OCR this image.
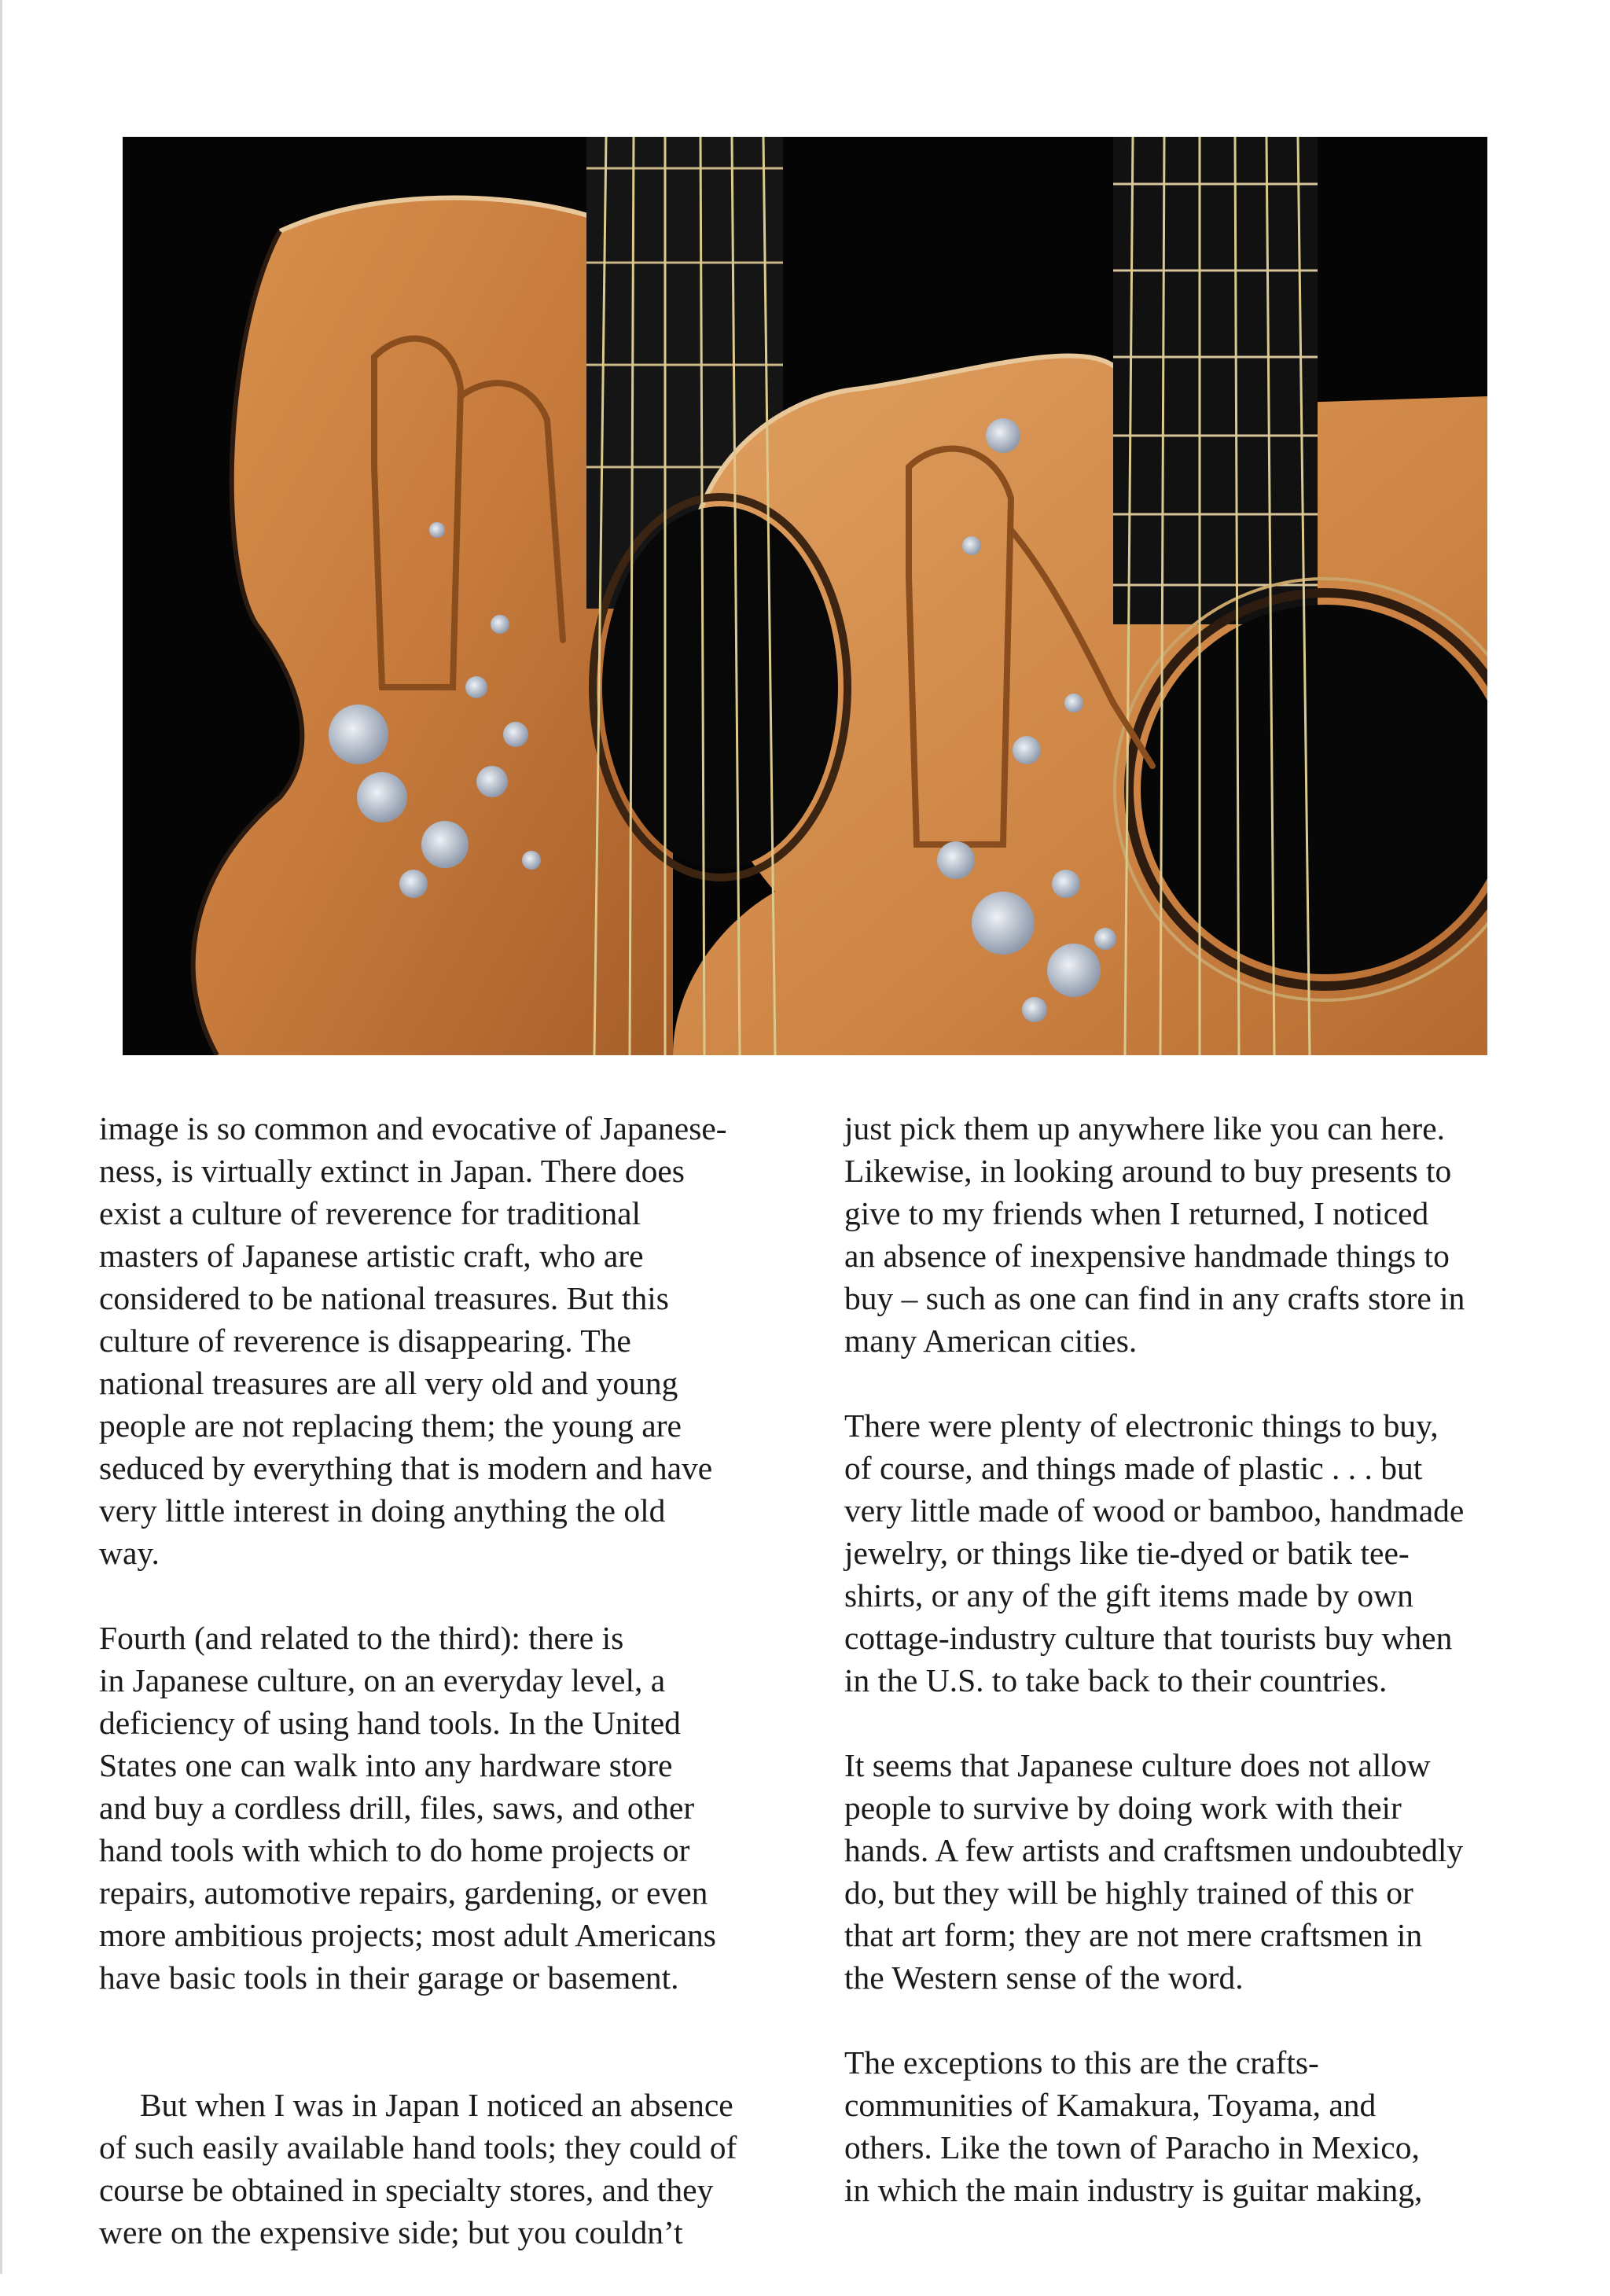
image is so common and evocative of Japanese-
ness, is virtually extinct in Japan. There does
exist a culture of reverence for traditional
masters of Japanese artistic craft, who are
considered to be national treasures. But this
culture of reverence is disappearing. The
national treasures are all very old and young
people are not replacing them; the young are
seduced by everything that is modern and have
very little interest in doing anything the old
way.

Fourth (and related to the third): there is
in Japanese culture, on an everyday level, a
deficiency of using hand tools. In the United
States one can walk into any hardware store
and buy a cordless drill, files, saws, and other
hand tools with which to do home projects or
repairs, automotive repairs, gardening, or even
more ambitious projects; most adult Americans
have basic tools in their garage or basement.

But when I was in Japan I noticed an absence
of such easily available hand tools; they could of
course be obtained in specialty stores, and they
were on the expensive side; but you couldn’t

just pick them up anywhere like you can here.
Likewise, in looking around to buy presents to
give to my friends when I returned, I noticed
an absence of inexpensive handmade things to
buy – such as one can find in any crafts store in
many American cities.

There were plenty of electronic things to buy,
of course, and things made of plastic . . . but
very little made of wood or bamboo, handmade
jewelry, or things like tie-dyed or batik tee-
shirts, or any of the gift items made by own
cottage-industry culture that tourists buy when
in the U.S. to take back to their countries.

It seems that Japanese culture does not allow
people to survive by doing work with their
hands. A few artists and craftsmen undoubtedly
do, but they will be highly trained of this or
that art form; they are not mere craftsmen in
the Western sense of the word.

The exceptions to this are the crafts-
communities of Kamakura, Toyama, and
others. Like the town of Paracho in Mexico,
in which the main industry is guitar making,
